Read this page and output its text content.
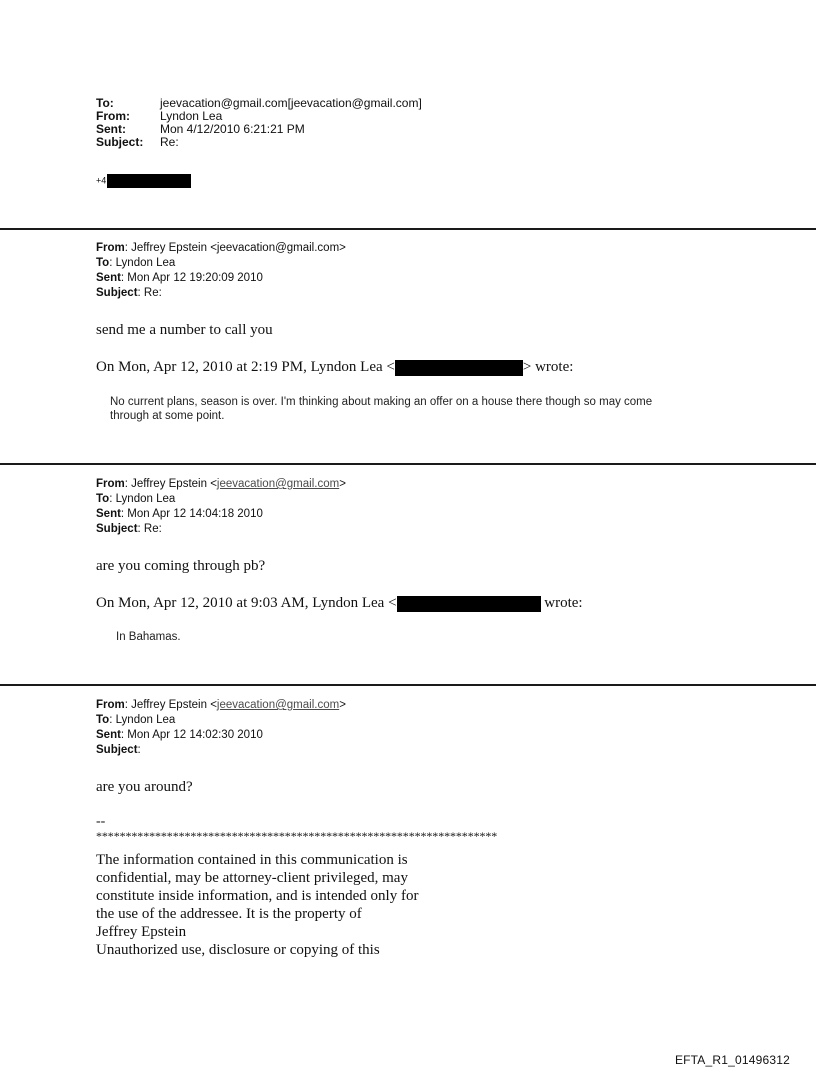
To:	jeevacation@gmail.com[jeevacation@gmail.com]
From:	Lyndon Lea
Sent:	Mon 4/12/2010 6:21:21 PM
Subject: Re:
+4
From: Jeffrey Epstein <jeevacation@gmail.com>
To: Lyndon Lea
Sent: Mon Apr 12 19:20:09 2010
Subject: Re:
send me a number to call you
On Mon, Apr 12, 2010 at 2:19 PM, Lyndon Lea <	> wrote:
No current plans, season is over. I'm thinking about making an offer on a house there though so may come
through at some point.
From: Jeffrey Epstein <jeevacation@gmail.com>
To: Lyndon Lea
Sent: Mon Apr 12 14:04:18 2010
Subject: Re:
are you coming through pb?
On Mon, Apr 12, 2010 at 9:03 AM, Lyndon Lea <	wrote:
In Bahamas.
From: Jeffrey Epstein <jeevacation@gmail.com>
To: Lyndon Lea
Sent: Mon Apr 12 14:02:30 2010
Subject:
are you around?
--
********************************************************************
The information contained in this communication is
confidential, may be attorney-client privileged, may
constitute inside information, and is intended only for
the use of the addressee. It is the property of
Jeffrey Epstein
Unauthorized use, disclosure or copying of this
EFTA_R1_01496312
